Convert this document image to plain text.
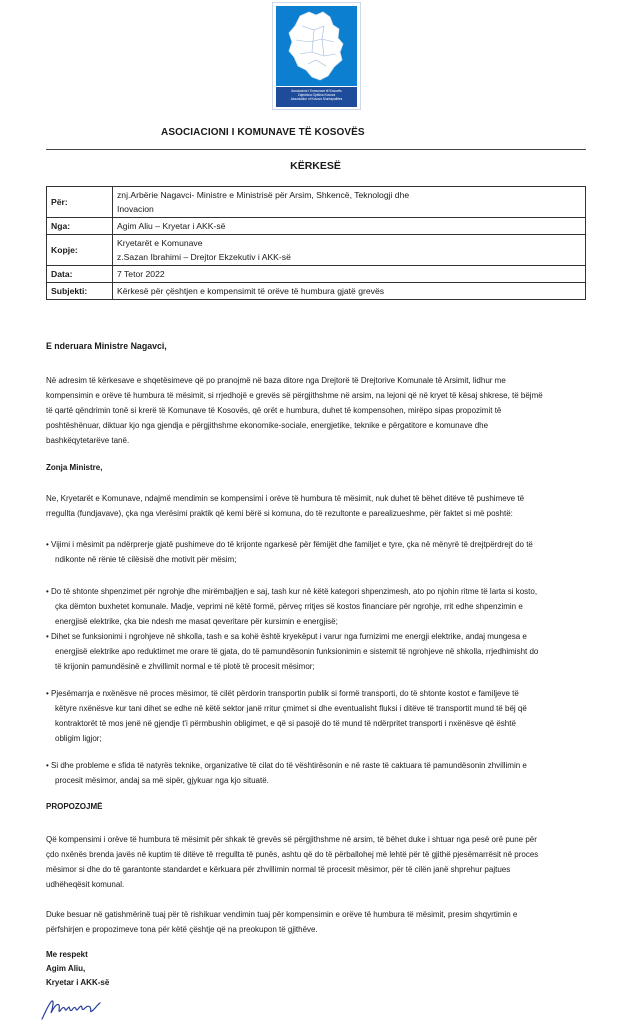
Asociacioni i Komunave të Kosovës
Zajednica Opština Kosova
Association of Kosovo Municipalities
ASOCIACIONI I KOMUNAVE TË KOSOVËS
KËRKESË
Për:	znj.Arbërie Nagavci- Ministre e Ministrisë për Arsim, Shkencë, Teknologji dhe
Inovacion

Nga:	Agim Aliu – Kryetar i AKK-së

Kopje:	Kryetarët e Komunave
z.Sazan Ibrahimi – Drejtor Ekzekutiv i AKK-së

Data:	7 Tetor 2022

Subjekti:	Kërkesë për çështjen e kompensimit të orëve të humbura gjatë grevës
E nderuara Ministre Nagavci,

Në adresim të kërkesave e shqetësimeve që po pranojmë në baza ditore nga Drejtorë të Drejtorive Komunale të Arsimit, lidhur me

kompensimin e orëve të humbura të mësimit, si rrjedhojë e grevës së përgjithshme në arsim, na lejoni që në kryet të kësaj shkrese, të bëjmë

të qartë qëndrimin tonë si krerë të Komunave të Kosovës, që orët e humbura, duhet të kompensohen, mirëpo sipas propozimit të

poshtëshënuar, diktuar kjo nga gjendja e përgjithshme ekonomike-sociale, energjetike, teknike e përgatitore e komunave dhe

bashkëqytetarëve tanë.

Zonja Ministre,

Ne, Kryetarët e Komunave, ndajmë mendimin se kompensimi i orëve të humbura të mësimit, nuk duhet të bëhet ditëve të pushimeve të

rregullta (fundjavave), çka nga vlerësimi praktik që kemi bërë si komuna, do të rezultonte e parealizueshme, për faktet si më poshtë:

• Vijimi i mësimit pa ndërprerje gjatë pushimeve do të krijonte ngarkesë për fëmijët dhe familjet e tyre, çka në mënyrë të drejtpërdrejt do të

ndikonte në rënie të cilësisë dhe motivit për mësim;

• Do të shtonte shpenzimet për ngrohje dhe mirëmbajtjen e saj, tash kur në këtë kategori shpenzimesh, ato po njohin ritme të larta si kosto,

çka dëmton buxhetet komunale. Madje, veprimi në këtë formë, përveç rritjes së kostos financiare për ngrohje, rrit edhe shpenzimin e

energjisë elektrike, çka bie ndesh me masat qeveritare për kursimin e energjisë;

• Dihet se funksionimi i ngrohjeve në shkolla, tash e sa kohë është kryekëput i varur nga furnizimi me energji elektrike, andaj mungesa e

energjisë elektrike apo reduktimet me orare të gjata, do të pamundësonin funksionimin e sistemit të ngrohjeve në shkolla, rrjedhimisht do

të krijonin pamundësinë e zhvillimit normal e të plotë të procesit mësimor;

• Pjesëmarrja e nxënësve në proces mësimor, të cilët përdorin transportin publik si formë transporti, do të shtonte kostot e familjeve të

këtyre nxënësve kur tani dihet se edhe në këtë sektor janë rritur çmimet si dhe eventualisht fluksi i ditëve të transportit mund të bëj që

kontraktorët të mos jenë në gjendje t'i përmbushin obligimet, e që si pasojë do të mund të ndërpritet transporti i nxënësve që është

obligim ligjor;

• Si dhe probleme e sfida të natyrës teknike, organizative të cilat do të vështirësonin e në raste të caktuara të pamundësonin zhvillimin e

procesit mësimor, andaj sa më sipër, gjykuar nga kjo situatë.

PROPOZOJMË

Që kompensimi i orëve të humbura të mësimit për shkak të grevës së përgjithshme në arsim, të bëhet duke i shtuar nga pesë orë pune për

çdo nxënës brenda javës në kuptim të ditëve të rregullta të punës, ashtu që do të përballohej më lehtë për të gjithë pjesëmarrësit në proces

mësimor si dhe do të garantonte standardet e kërkuara për zhvillimin normal të procesit mësimor, për të cilën janë shprehur pajtues

udhëheqësit komunal.

Duke besuar në gatishmërinë tuaj për të rishikuar vendimin tuaj për kompensimin e orëve të humbura të mësimit, presim shqyrtimin e

përfshirjen e propozimeve tona për këtë çështje që na preokupon të gjithëve.

Me respekt

Agim Aliu,

Kryetar i AKK-së
